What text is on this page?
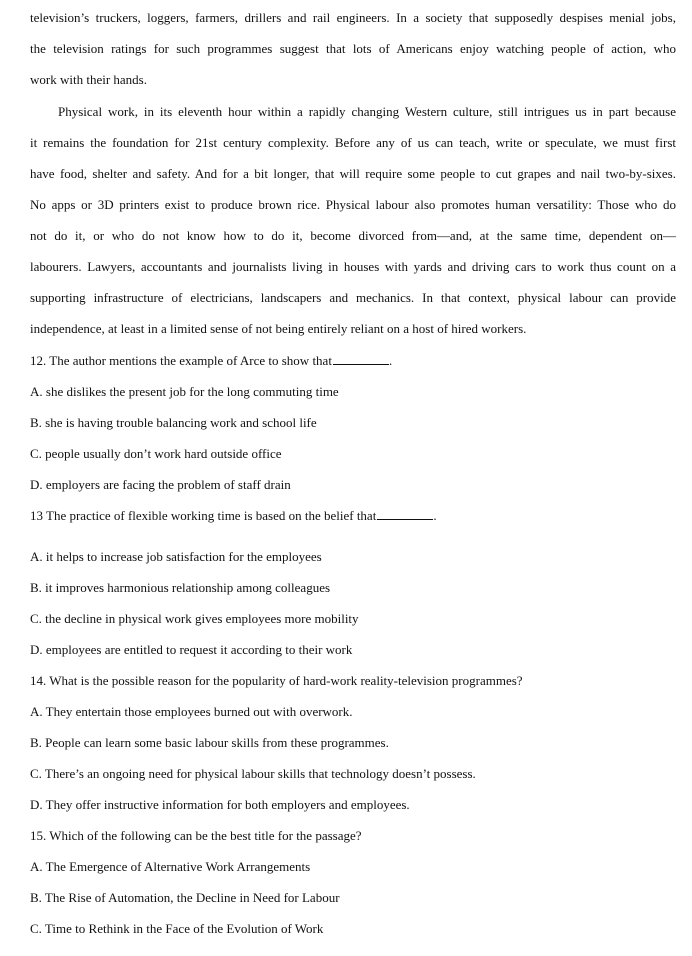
television’s truckers, loggers, farmers, drillers and rail engineers. In a society that supposedly despises menial jobs,
the television ratings for such programmes suggest that lots of Americans enjoy watching people of action, who
work with their hands.
Physical work, in its eleventh hour within a rapidly changing Western culture, still intrigues us in part because
it remains the foundation for 21st century complexity. Before any of us can teach, write or speculate, we must first
have food, shelter and safety. And for a bit longer, that will require some people to cut grapes and nail two-by-sixes.
No apps or 3D printers exist to produce brown rice. Physical labour also promotes human versatility: Those who do
not do it, or who do not know how to do it, become divorced from—and, at the same time, dependent on—
labourers. Lawyers, accountants and journalists living in houses with yards and driving cars to work thus count on a
supporting infrastructure of electricians, landscapers and mechanics. In that context, physical labour can provide
independence, at least in a limited sense of not being entirely reliant on a host of hired workers.
12. The author mentions the example of Arce to show that	.
A. she dislikes the present job for the long commuting time
B. she is having trouble balancing work and school life
C. people usually don’t work hard outside office
D. employers are facing the problem of staff drain
13 The practice of flexible working time is based on the belief that	.
A. it helps to increase job satisfaction for the employees
B. it improves harmonious relationship among colleagues
C. the decline in physical work gives employees more mobility
D. employees are entitled to request it according to their work
14. What is the possible reason for the popularity of hard-work reality-television programmes?
A. They entertain those employees burned out with overwork.
B. People can learn some basic labour skills from these programmes.
C. There’s an ongoing need for physical labour skills that technology doesn’t possess.
D. They offer instructive information for both employers and employees.
15. Which of the following can be the best title for the passage?
A. The Emergence of Alternative Work Arrangements
B. The Rise of Automation, the Decline in Need for Labour
C. Time to Rethink in the Face of the Evolution of Work
